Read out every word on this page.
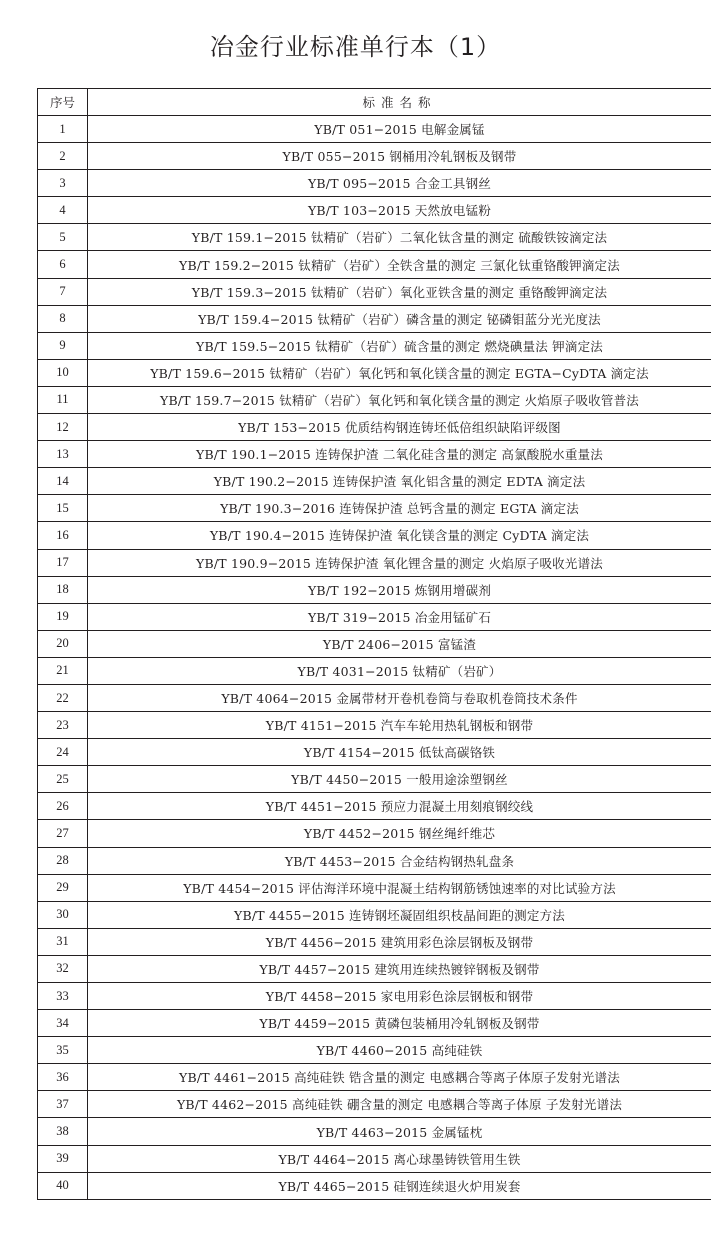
冶金行业标准单行本（1）
序号	标准名称
1	YB/T 051−2015 电解金属锰
2	YB/T 055−2015 钢桶用冷轧钢板及钢带
3	YB/T 095−2015 合金工具钢丝
4	YB/T 103−2015 天然放电锰粉
5	YB/T 159.1−2015 钛精矿（岩矿）二氧化钛含量的测定 硫酸铁铵滴定法
6	YB/T 159.2−2015 钛精矿（岩矿）全铁含量的测定 三氯化钛重铬酸钾滴定法
7	YB/T 159.3−2015 钛精矿（岩矿）氧化亚铁含量的测定 重铬酸钾滴定法
8	YB/T 159.4−2015 钛精矿（岩矿）磷含量的测定 铋磷钼蓝分光光度法
9	YB/T 159.5−2015 钛精矿（岩矿）硫含量的测定 燃烧碘量法 钾滴定法
10	YB/T 159.6−2015 钛精矿（岩矿）氧化钙和氧化镁含量的测定 EGTA−CyDTA 滴定法
11	YB/T 159.7−2015 钛精矿（岩矿）氧化钙和氧化镁含量的测定 火焰原子吸收管普法
12	YB/T 153−2015 优质结构钢连铸坯低倍组织缺陷评级图
13	YB/T 190.1−2015 连铸保护渣 二氧化硅含量的测定 高氯酸脱水重量法
14	YB/T 190.2−2015 连铸保护渣 氧化铝含量的测定 EDTA 滴定法
15	YB/T 190.3−2016 连铸保护渣 总钙含量的测定 EGTA 滴定法
16	YB/T 190.4−2015 连铸保护渣 氧化镁含量的测定 CyDTA 滴定法
17	YB/T 190.9−2015 连铸保护渣 氧化锂含量的测定 火焰原子吸收光谱法
18	YB/T 192−2015 炼钢用增碳剂
19	YB/T 319−2015 冶金用锰矿石
20	YB/T 2406−2015 富锰渣
21	YB/T 4031−2015 钛精矿（岩矿）
22	YB/T 4064−2015 金属带材开卷机卷筒与卷取机卷筒技术条件
23	YB/T 4151−2015 汽车车轮用热轧钢板和钢带
24	YB/T 4154−2015 低钛高碳铬铁
25	YB/T 4450−2015 一般用途涂塑钢丝
26	YB/T 4451−2015 预应力混凝土用刻痕钢绞线
27	YB/T 4452−2015 钢丝绳纤维芯
28	YB/T 4453−2015 合金结构钢热轧盘条
29	YB/T 4454−2015 评估海洋环境中混凝土结构钢筋锈蚀速率的对比试验方法
30	YB/T 4455−2015 连铸钢坯凝固组织枝晶间距的测定方法
31	YB/T 4456−2015 建筑用彩色涂层钢板及钢带
32	YB/T 4457−2015 建筑用连续热镀锌钢板及钢带
33	YB/T 4458−2015 家电用彩色涂层钢板和钢带
34	YB/T 4459−2015 黄磷包装桶用冷轧钢板及钢带
35	YB/T 4460−2015 高纯硅铁
36	YB/T 4461−2015 高纯硅铁 锆含量的测定 电感耦合等离子体原子发射光谱法
37	YB/T 4462−2015 高纯硅铁 硼含量的测定 电感耦合等离子体原 子发射光谱法
38	YB/T 4463−2015 金属锰枕
39	YB/T 4464−2015 离心球墨铸铁管用生铁
40	YB/T 4465−2015 硅钢连续退火炉用炭套
